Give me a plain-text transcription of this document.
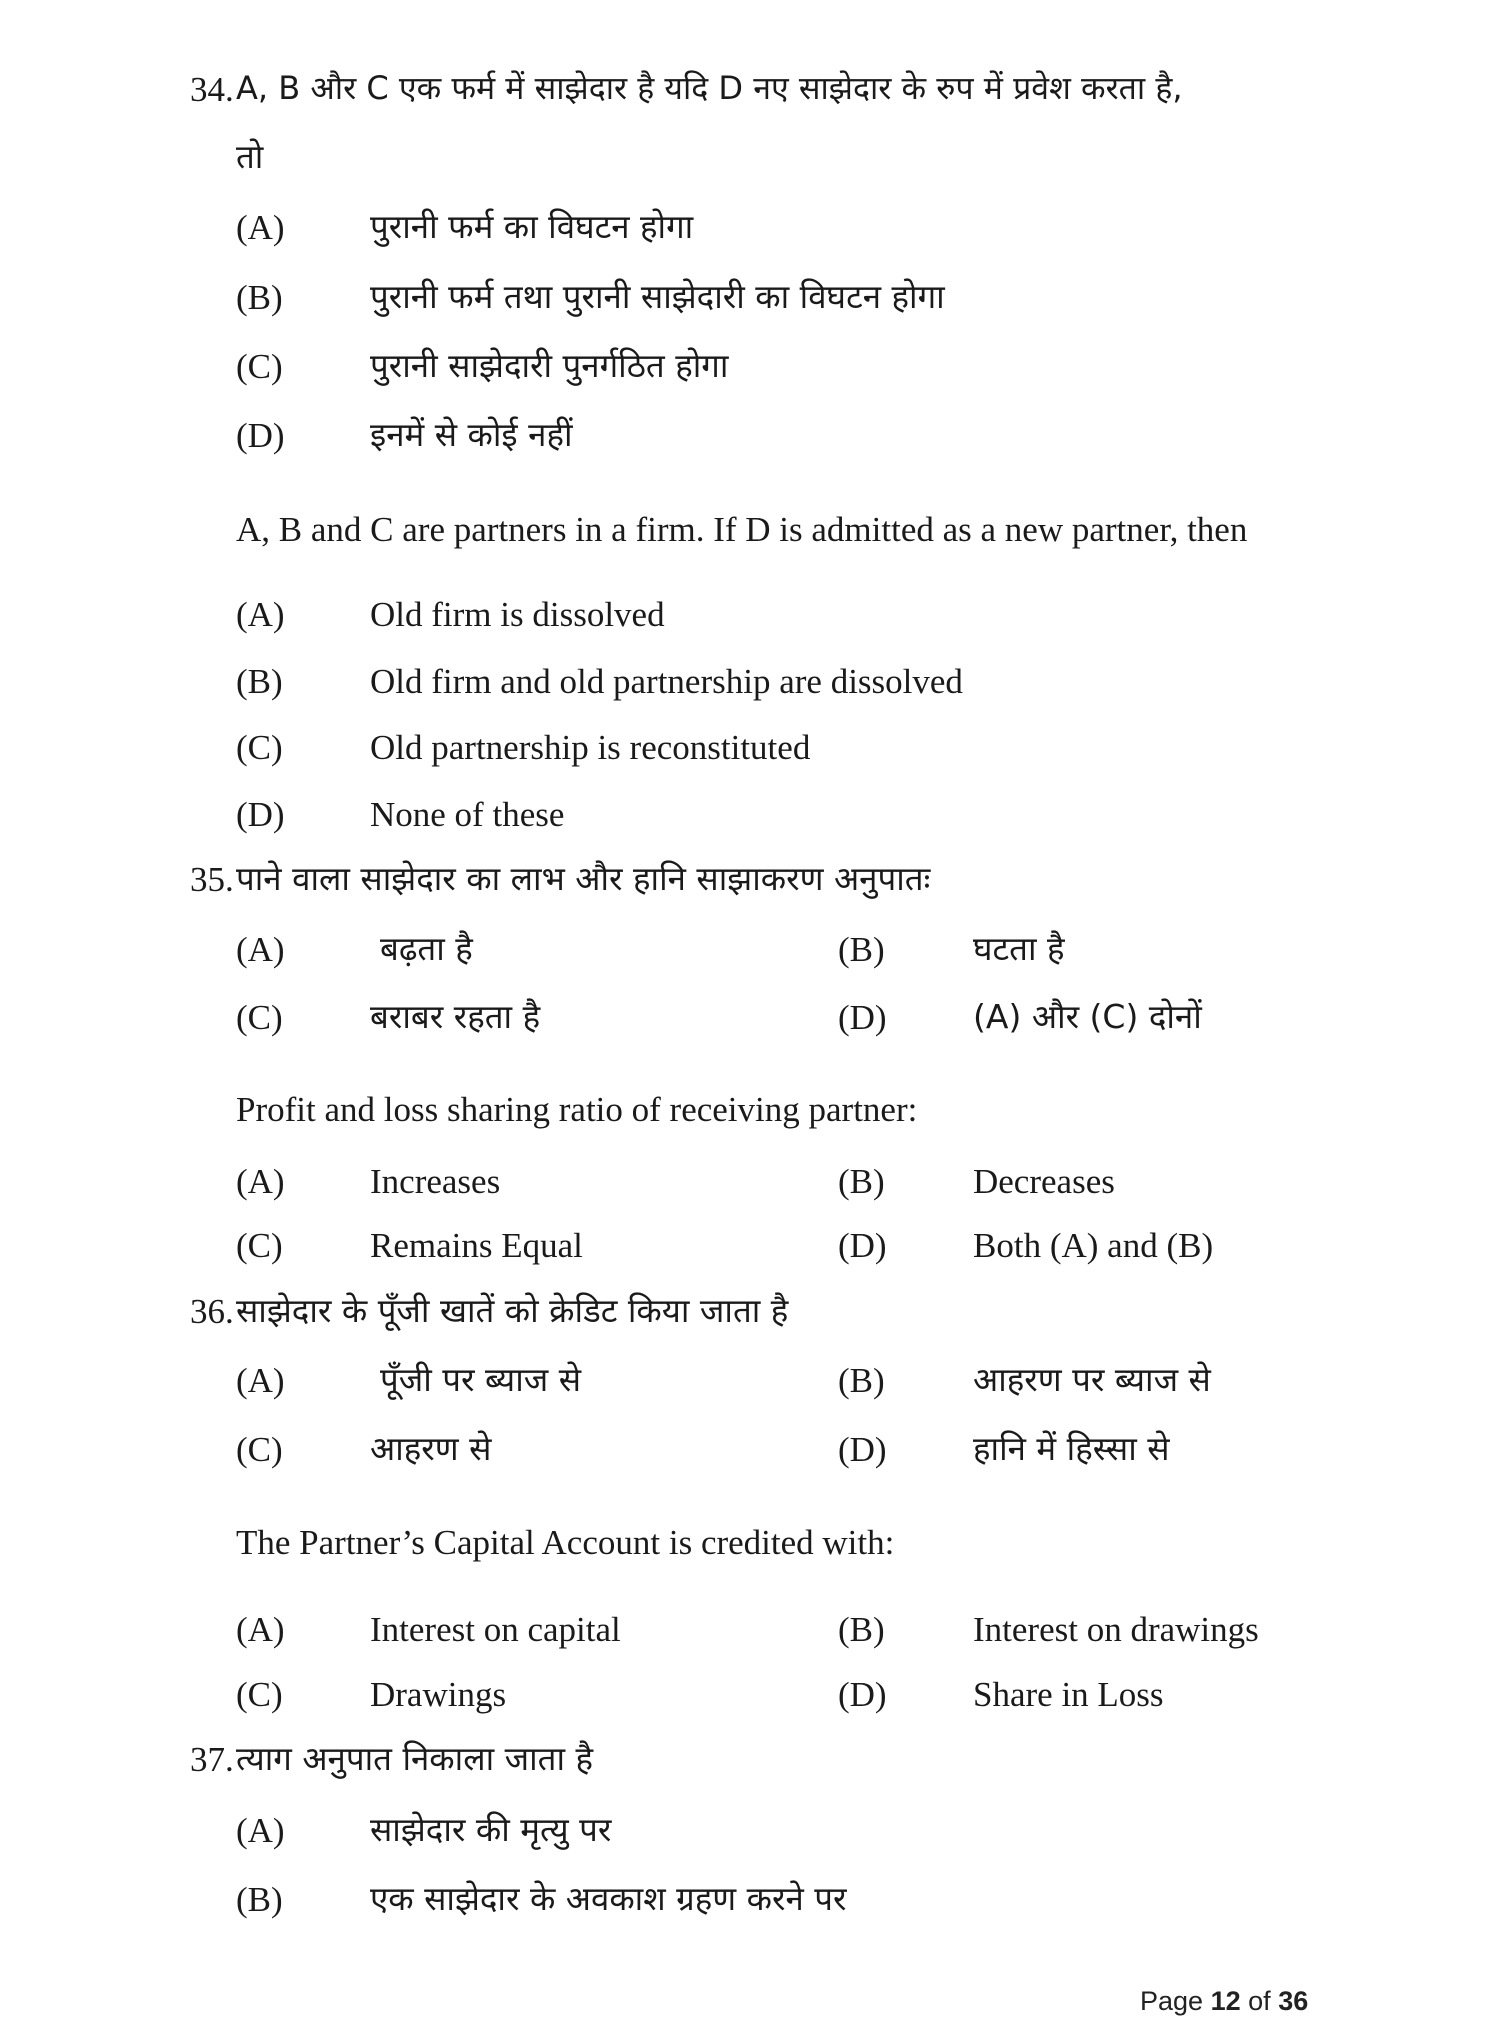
34. A, B और C एक फर्म में साझेदार है यदि D नए साझेदार के रुप में प्रवेश करता है,
तो
(A)	पुरानी फर्म का विघटन होगा
(B)	पुरानी फर्म तथा पुरानी साझेदारी का विघटन होगा
(C)	पुरानी साझेदारी पुनर्गठित होगा
(D)	इनमें से कोई नहीं
A, B and C are partners in a firm. If D is admitted as a new partner, then
(A) Old firm is dissolved
(B) Old firm and old partnership are dissolved
(C) Old partnership is reconstituted
(D) None of these
35. पाने वाला साझेदार का लाभ और हानि साझाकरण अनुपातः
(A)	बढ़ता है	(B)	घटता है
(C)	बराबर रहता है	(D)	(A) और (C) दोनों
Profit and loss sharing ratio of receiving partner:
(A) Increases	(B)	Decreases
(C) Remains Equal	(D) Both (A) and (B)
36. साझेदार के पूँजी खातें को क्रेडिट किया जाता है
(A)	पूँजी पर ब्याज से	(B)	आहरण पर ब्याज से
(C)	आहरण से	(D)	हानि में हिस्सा से
The Partner’s Capital Account is credited with:
(A) Interest on capital	(B)	Interest on drawings
(C) Drawings	(D) Share in Loss
37. त्याग अनुपात निकाला जाता है
(A)	साझेदार की मृत्यु पर
(B)	एक साझेदार के अवकाश ग्रहण करने पर
Page 12 of 36
